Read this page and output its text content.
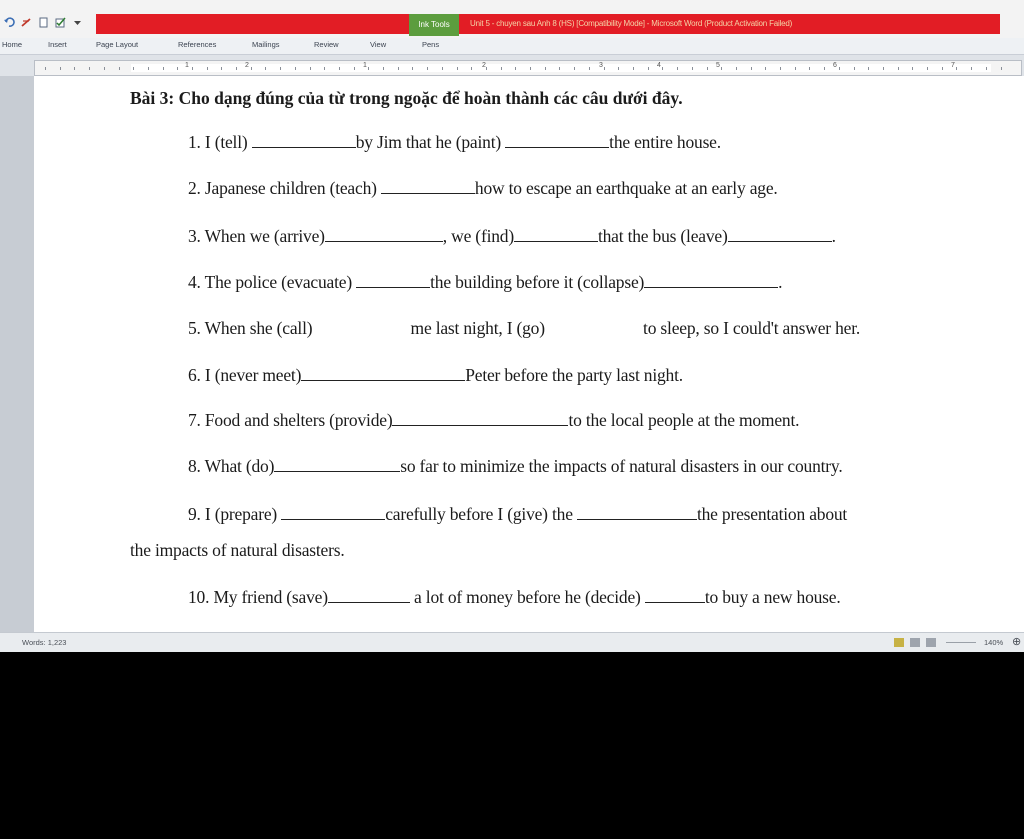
Ink Tools	Unit 5 - chuyen sau Anh 8 (HS) [Compatibility Mode] - Microsoft Word (Product Activation Failed)
Home	Insert	Page Layout	References	Mailings	Review	View	Pens
1	2	1	2	3	4	5	6	7
Bài 3: Cho dạng đúng của từ trong ngoặc để hoàn thành các câu dưới đây.
1. I (tell)	by Jim that he (paint)	the entire house.
2. Japanese children (teach)	how to escape an earthquake at an early age.
3. When we (arrive)	, we (find)	that the bus (leave)	.
4. The police (evacuate)	the building before it (collapse)	.
5. When she (call)	me last night, I (go)	to sleep, so I could't answer her.
6. I (never meet)	Peter before the party last night.
7. Food and shelters (provide)	to the local people at the moment.
8. What (do)	so far to minimize the impacts of natural disasters in our country.
9. I (prepare)	carefully before I (give) the	the presentation about
the impacts of natural disasters.
10. My friend (save)	a lot of money before he (decide)	to buy a new house.
Words: 1,223	140% ⊕
